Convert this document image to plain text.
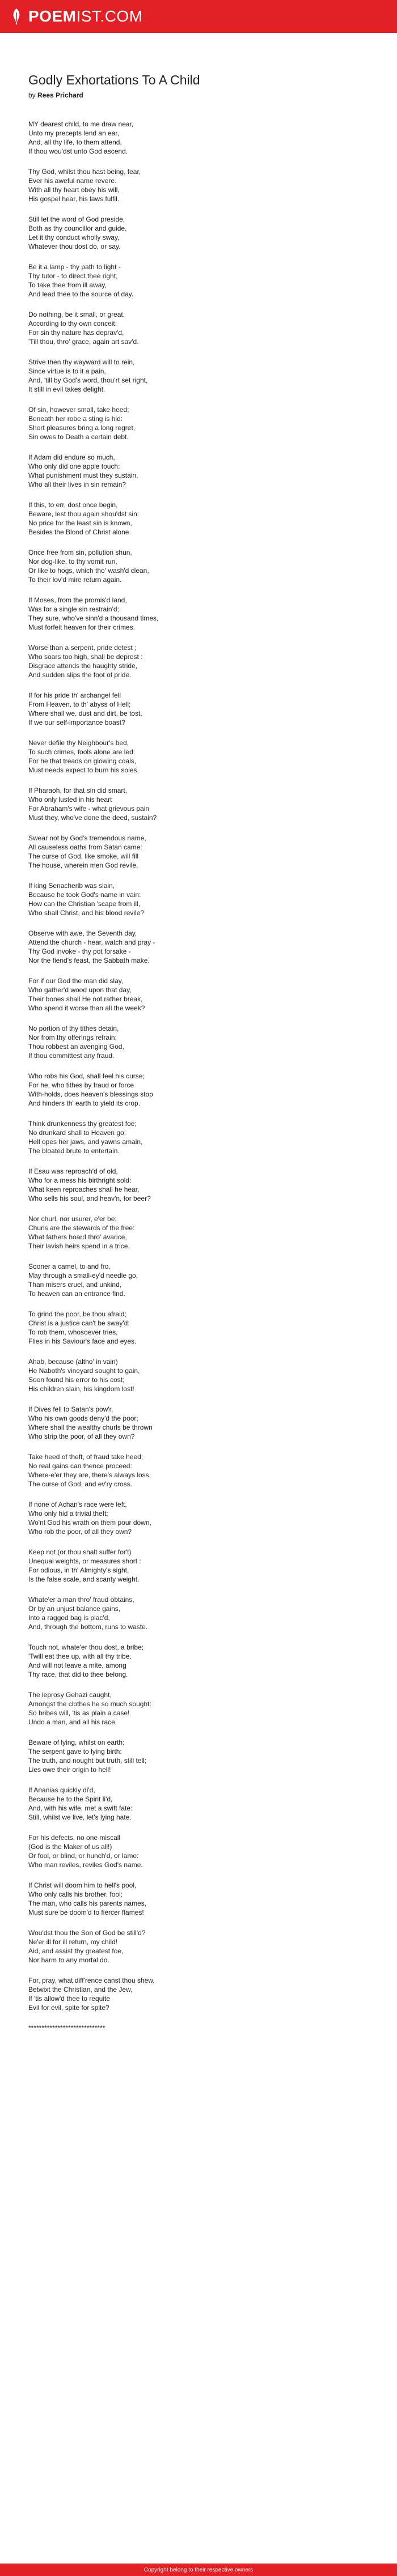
POEMIST.COM
Godly Exhortations To A Child
by Rees Prichard

MY dearest child, to me draw near,
Unto my precepts lend an ear,
And, all thy life, to them attend,
If thou wou'dst unto God ascend.

Thy God, whilst thou hast being, fear,
Ever his aweful name revere.
With all thy heart obey his will,
His gospel hear, his laws fulfil.

Still let the word of God preside,
Both as thy councillor and guide,
Let it thy conduct wholly sway,
Whatever thou dost do, or say.

Be it a lamp - thy path to light -
Thy tutor - to direct thee right,
To take thee from ill away,
And lead thee to the source of day.

Do nothing, be it small, or great,
According to thy own conceit:
For sin thy nature has deprav'd,
'Till thou, thro' grace, again art sav'd.

Strive then thy wayward will to rein,
Since virtue is to it a pain,
And, 'till by God's word, thou'rt set right,
It still in evil takes delight.

Of sin, however small, take heed;
Beneath her robe a sting is hid:
Short pleasures bring a long regret,
Sin owes to Death a certain debt.

If Adam did endure so much,
Who only did one apple touch:
What punishment must they sustain,
Who all their lives in sin remain?

If this, to err, dost once begin,
Beware, lest thou again shou'dst sin:
No price for the least sin is known,
Besides the Blood of Christ alone.

Once free from sin, pollution shun,
Nor dog-like, to thy vomit run,
Or like to hogs, which tho' wash'd clean,
To their lov'd mire return again.

If Moses, from the promis'd land,
Was for a single sin restrain'd;
They sure, who've sinn'd a thousand times,
Must forfeit heaven for their crimes.

Worse than a serpent, pride detest ;
Who soars too high, shall be deprest :
Disgrace attends the haughty stride,
And sudden slips the foot of pride.

If for his pride th' archangel fell
From Heaven, to th' abyss of Hell;
Where shall we, dust and dirt, be tost,
If we our self-importance boast?

Never defile thy Neighbour's bed,
To such crimes, fools alone are led:
For he that treads on glowing coals,
Must needs expect to burn his soles.

If Pharaoh, for that sin did smart,
Who only lusted in his heart
For Abraham's wife - what grievous pain
Must they, who've done the deed, sustain?

Swear not by God's tremendous name,
All causeless oaths from Satan came:
The curse of God, like smoke, will fill
The house, wherein men God revile.

If king Senacherib was slain,
Because he took God's name in vain:
How can the Christian 'scape from ill,
Who shall Christ, and his blood revile?

Observe with awe, the Seventh day,
Attend the church - hear, watch and pray -
Thy God invoke - thy pot forsake -
Nor the fiend's feast, the Sabbath make.

For if our God the man did slay,
Who gather'd wood upon that day,
Their bones shall He not rather break,
Who spend it worse than all the week?

No portion of thy tithes detain,
Nor from thy offerings refrain;
Thou robbest an avenging God,
If thou committest any fraud.

Who robs his God, shall feel his curse;
For he, who tithes by fraud or force
With-holds, does heaven's blessings stop
And hinders th' earth to yield its crop.

Think drunkenness thy greatest foe;
No drunkard shall to Heaven go:
Hell opes her jaws, and yawns amain,
The bloated brute to entertain.

If Esau was reproach'd of old,
Who for a mess his birthright sold:
What keen reproaches shall he hear,
Who sells his soul, and heav'n, for beer?

Nor churl, nor usurer, e'er be;
Churls are the stewards of the free:
What fathers hoard thro' avarice,
Their lavish heirs spend in a trice.

Sooner a camel, to and fro,
May through a small-ey'd needle go,
Than misers cruel, and unkind,
To heaven can an entrance find.

To grind the poor, be thou afraid;
Christ is a justice can't be sway'd:
To rob them, whosoever tries,
Flies in his Saviour's face and eyes.

Ahab, because (altho' in vain)
He Naboth's vineyard sought to gain,
Soon found his error to his cost;
His children slain, his kingdom lost!

If Dives fell to Satan's pow'r,
Who his own goods deny'd the poor;
Where shall the wealthy churls be thrown
Who strip the poor, of all they own?

Take heed of theft, of fraud take heed;
No real gains can thence proceed:
Where-e'er they are, there's always loss,
The curse of God, and ev'ry cross.

If none of Achan's race were left,
Who only hid a trivial theft;
Wo'nt God his wrath on them pour down,
Who rob the poor, of all they own?

Keep not (or thou shalt suffer for't)
Unequal weights, or measures short :
For odious, in th' Almighty's sight,
Is the false scale, and scanty weight.

Whate'er a man thro' fraud obtains,
Or by an unjust balance gains,
Into a ragged bag is plac'd,
And, through the bottom, runs to waste.

Touch not, whate'er thou dost, a bribe;
'Twill eat thee up, with all thy tribe,
And will not leave a mite, among
Thy race, that did to thee belong.

The leprosy Gehazi caught,
Amongst the clothes he so much sought:
So bribes will, 'tis as plain a case!
Undo a man, and all his race.

Beware of lying, whilst on earth;
The serpent gave to lying birth:
The truth, and nought but truth, still tell;
Lies owe their origin to hell!

If Ananias quickly di'd,
Because he to the Spirit li'd,
And, with his wife, met a swift fate:
Still, whilst we live, let's lying hate.

For his defects, no one miscall
(God is the Maker of us all!)
Or fool, or blind, or hunch'd, or lame:
Who man reviles, reviles God's name.

If Christ will doom him to hell's pool,
Who only calls his brother, fool:
The man, who calls his parents names,
Must sure be doom'd to fiercer flames!

Wou'dst thou the Son of God be still'd?
Ne'er ill for ill return, my child!
Aid, and assist thy greatest foe,
Nor harm to any mortal do.

For, pray, what diff'rence canst thou shew,
Betwixt the Christian, and the Jew,
If 'tis allow'd thee to requite
Evil for evil, spite for spite?

*****************************
Copyright belong to their respective owners
